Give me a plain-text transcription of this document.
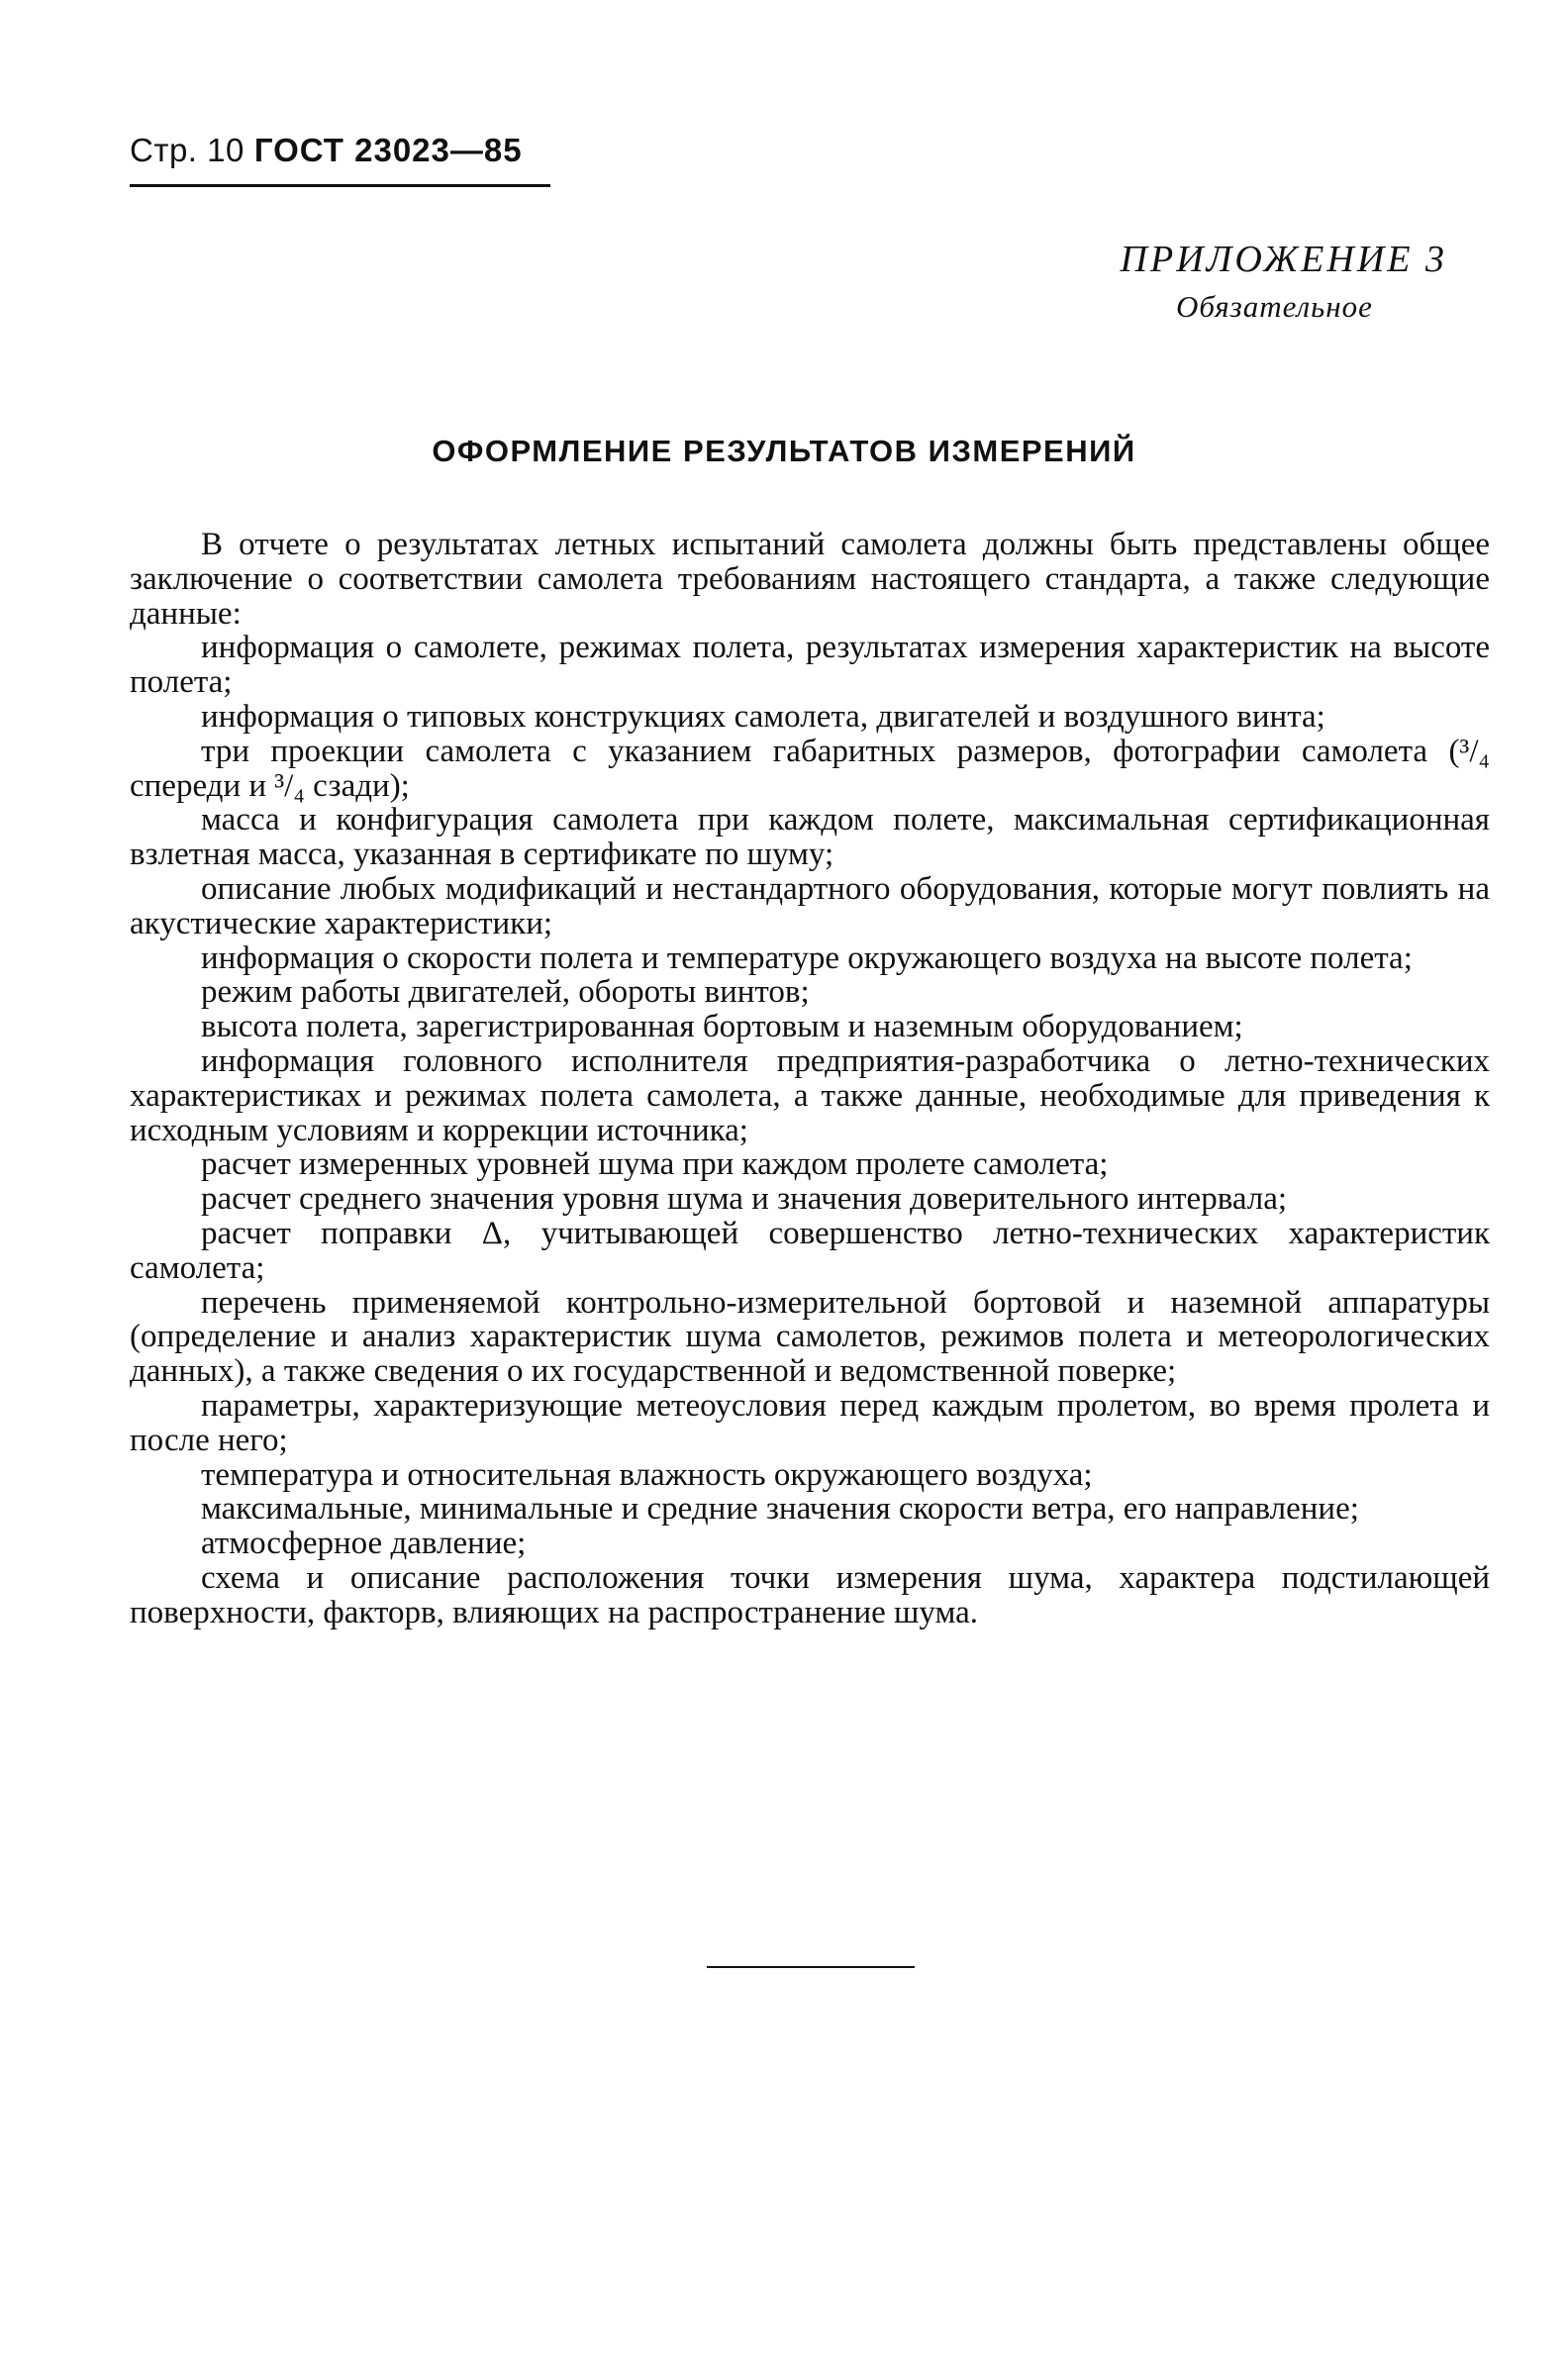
Стр. 10 ГОСТ 23023—85
ПРИЛОЖЕНИЕ 3
Обязательное
ОФОРМЛЕНИЕ РЕЗУЛЬТАТОВ ИЗМЕРЕНИЙ

В отчете о результатах летных испытаний самолета должны быть представлены общее заключение о соответствии самолета требованиям настоящего стандарта, а также следующие данные:

информация о самолете, режимах полета, результатах измерения характеристик на высоте полета;

информация о типовых конструкциях самолета, двигателей и воздушного винта;

три проекции самолета с указанием габаритных размеров, фотографии самолета (³/₄ спереди и ³/₄ сзади);

масса и конфигурация самолета при каждом полете, максимальная сертификационная взлетная масса, указанная в сертификате по шуму;

описание любых модификаций и нестандартного оборудования, которые могут повлиять на акустические характеристики;

информация о скорости полета и температуре окружающего воздуха на высоте полета;

режим работы двигателей, обороты винтов;

высота полета, зарегистрированная бортовым и наземным оборудованием;

информация головного исполнителя предприятия-разработчика о летно-технических характеристиках и режимах полета самолета, а также данные, необходимые для приведения к исходным условиям и коррекции источника;

расчет измеренных уровней шума при каждом пролете самолета;

расчет среднего значения уровня шума и значения доверительного интервала;

расчет поправки Δ, учитывающей совершенство летно-технических характеристик самолета;

перечень применяемой контрольно-измерительной бортовой и наземной аппаратуры (определение и анализ характеристик шума самолетов, режимов полета и метеорологических данных), а также сведения о их государственной и ведомственной поверке;

параметры, характеризующие метеоусловия перед каждым пролетом, во время пролета и после него;

температура и относительная влажность окружающего воздуха;

максимальные, минимальные и средние значения скорости ветра, его направление;

атмосферное давление;

схема и описание расположения точки измерения шума, характера подстилающей поверхности, факторв, влияющих на распространение шума.
